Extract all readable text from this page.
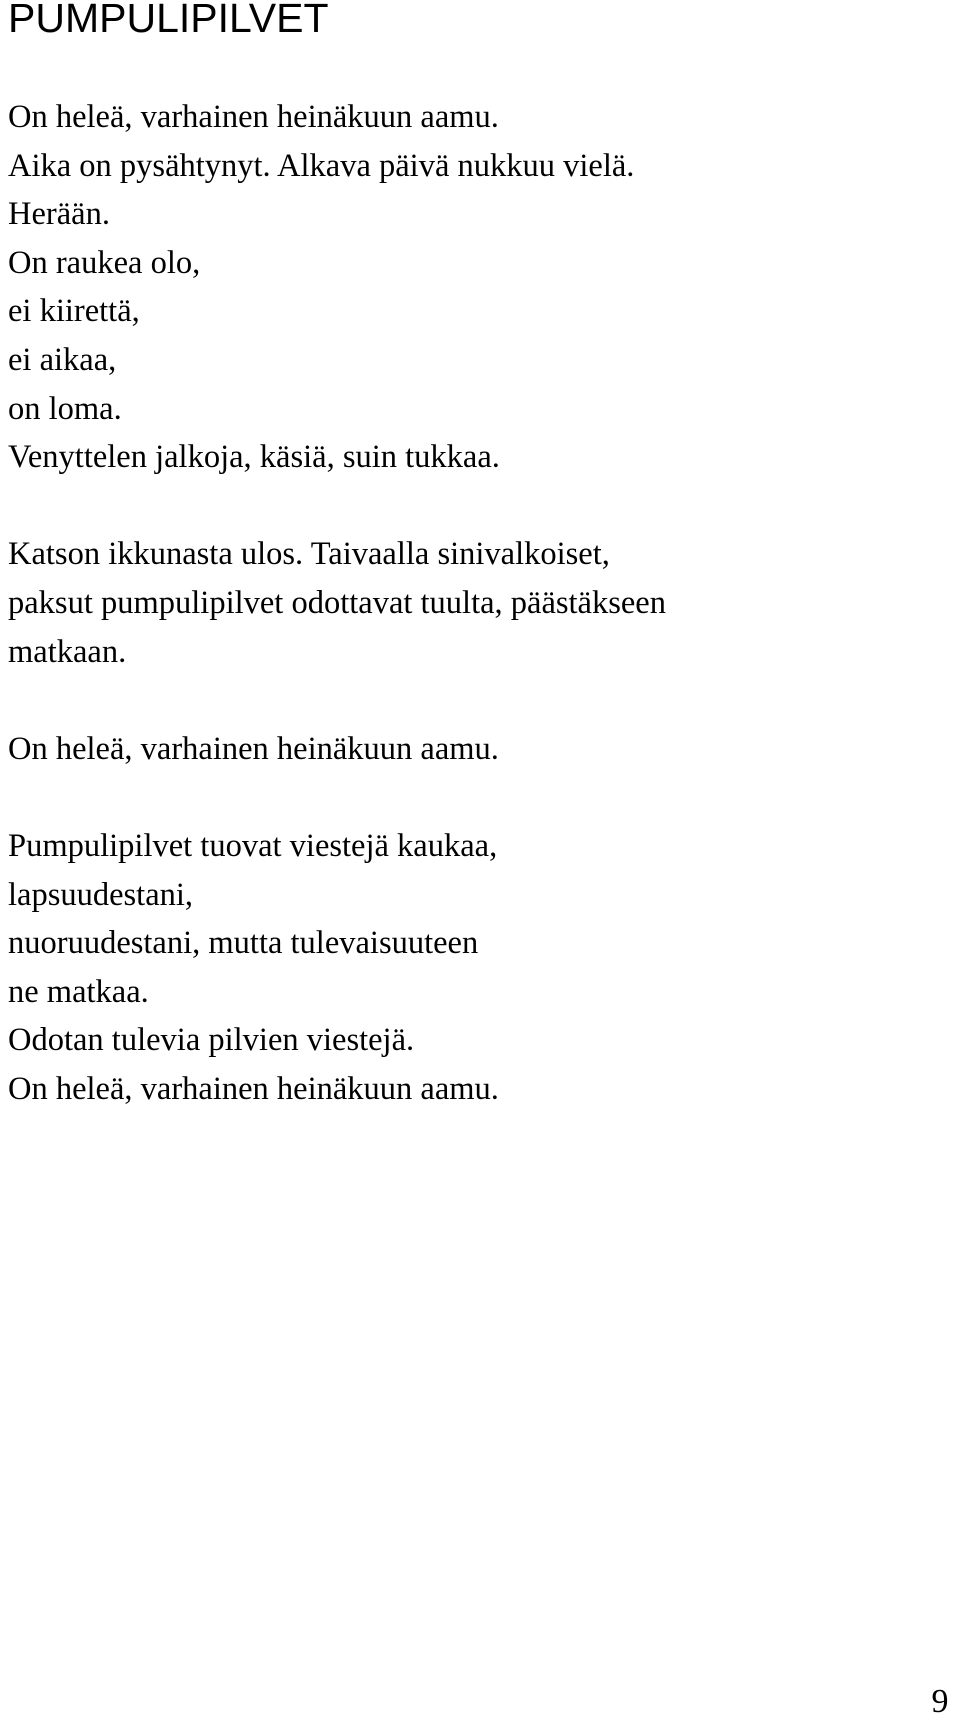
PUMPULIPILVET
On heleä, varhainen heinäkuun aamu.
Aika on pysähtynyt. Alkava päivä nukkuu vielä.
Herään.
On raukea olo,
ei kiirettä,
ei aikaa,
on loma.
Venyttelen jalkoja, käsiä, suin tukkaa.
Katson ikkunasta ulos. Taivaalla sinivalkoiset,
paksut pumpulipilvet odottavat tuulta, päästäkseen
matkaan.
On heleä, varhainen heinäkuun aamu.
Pumpulipilvet tuovat viestejä kaukaa,
lapsuudestani,
nuoruudestani, mutta tulevaisuuteen
ne matkaa.
Odotan tulevia pilvien viestejä.
On heleä, varhainen heinäkuun aamu.
9
